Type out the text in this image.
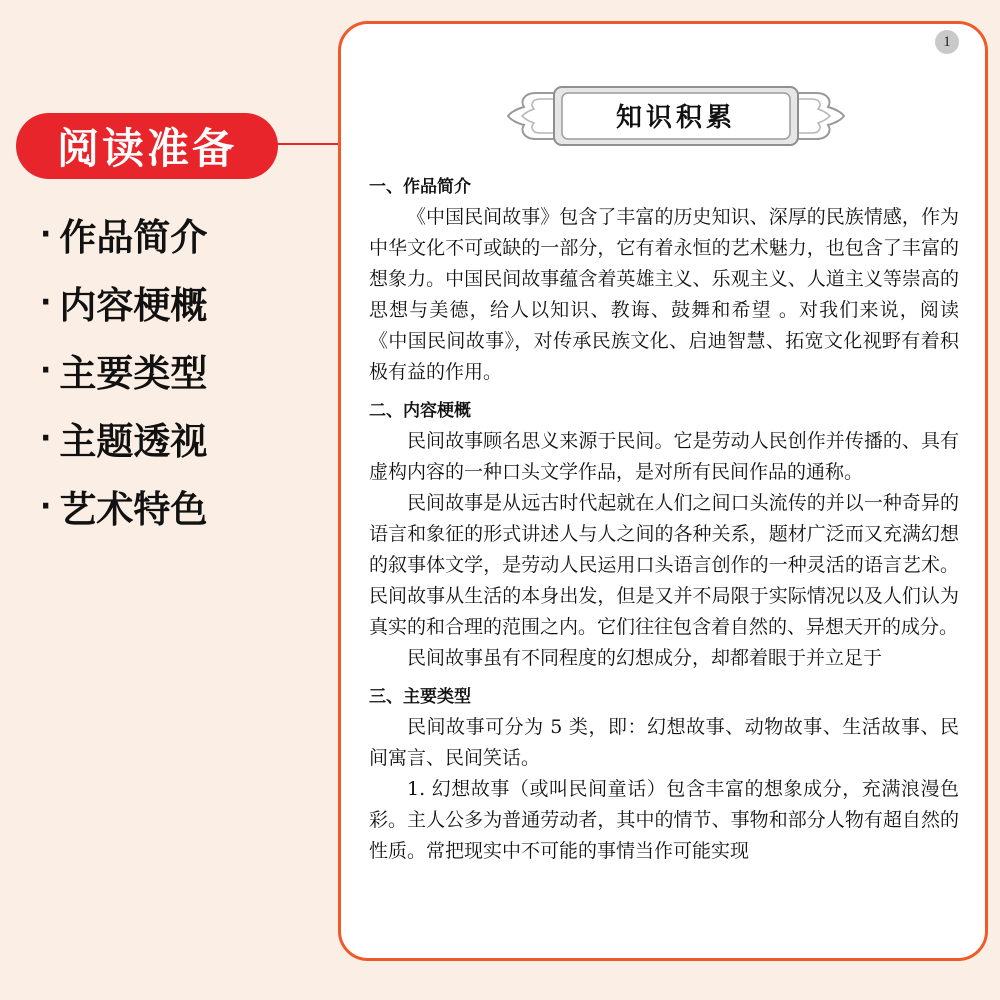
阅读准备
· 作品简介
· 内容梗概
· 主要类型
· 主题透视
· 艺术特色
1
知识积累
一、作品简介

《中国民间故事》包含了丰富的历史知识、深厚的民族情感，作为中华文化不可或缺的一部分，它有着永恒的艺术魅力，也包含了丰富的想象力。中国民间故事蕴含着英雄主义、乐观主义、人道主义等崇高的思想与美德，给人以知识、教诲、鼓舞和希望 。对我们来说，阅读《中国民间故事》，对传承民族文化、启迪智慧、拓宽文化视野有着积极有益的作用。

二、内容梗概

民间故事顾名思义来源于民间。它是劳动人民创作并传播的、具有虚构内容的一种口头文学作品，是对所有民间作品的通称。

民间故事是从远古时代起就在人们之间口头流传的并以一种奇异的语言和象征的形式讲述人与人之间的各种关系，题材广泛而又充满幻想的叙事体文学，是劳动人民运用口头语言创作的一种灵活的语言艺术。民间故事从生活的本身出发，但是又并不局限于实际情况以及人们认为真实的和合理的范围之内。它们往往包含着自然的、异想天开的成分。

民间故事虽有不同程度的幻想成分，却都着眼于并立足于

三、主要类型

民间故事可分为 5 类，即：幻想故事、动物故事、生活故事、民间寓言、民间笑话。

1. 幻想故事（或叫民间童话）包含丰富的想象成分，充满浪漫色彩。主人公多为普通劳动者，其中的情节、事物和部分人物有超自然的性质。常把现实中不可能的事情当作可能实现
